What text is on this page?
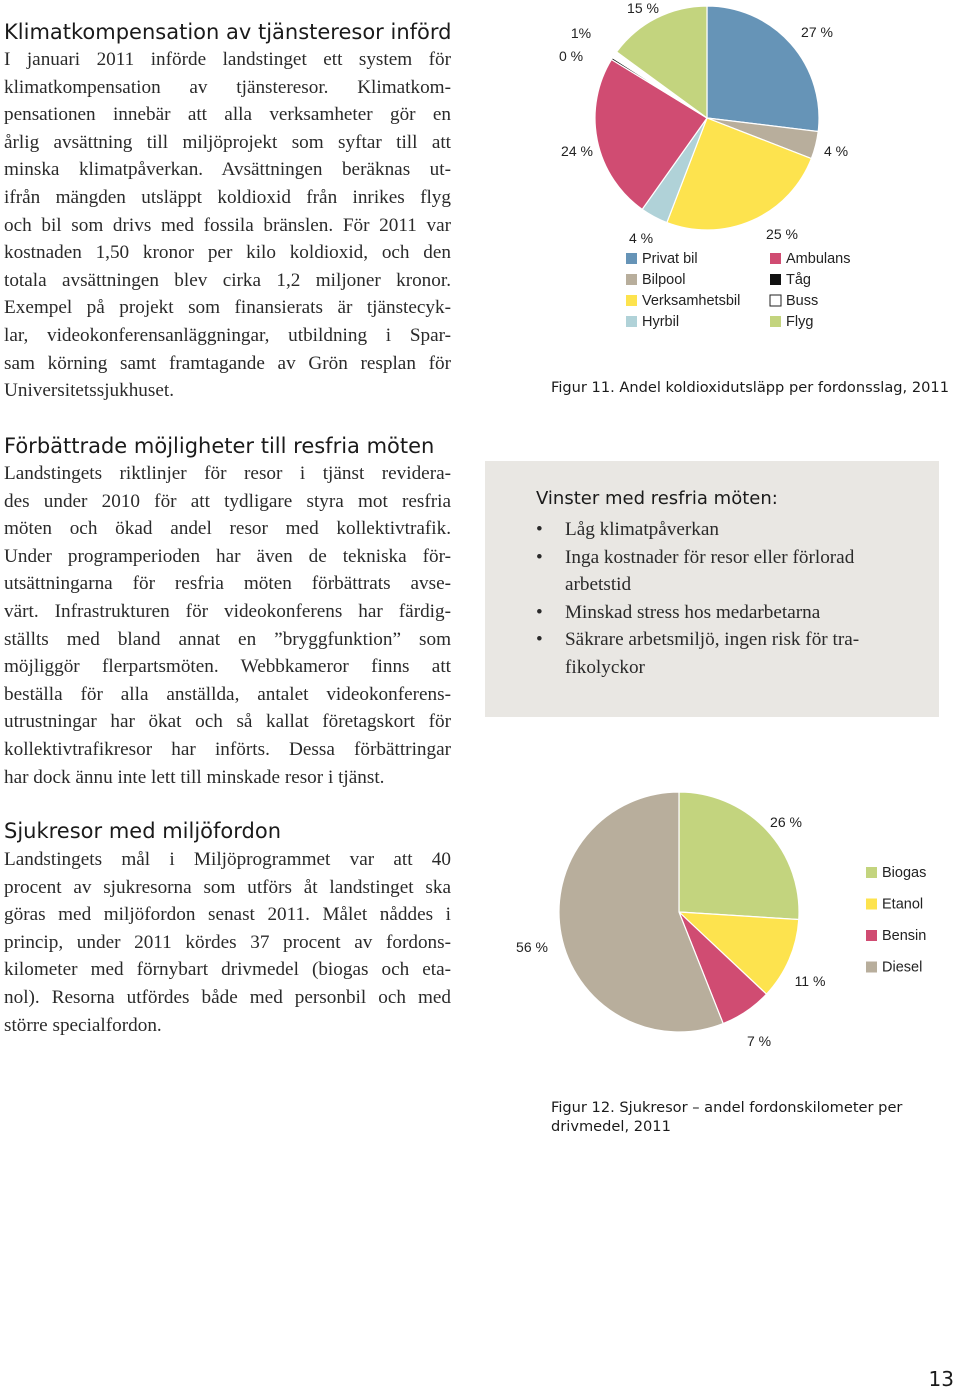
Klimatkompensation av tjänsteresor införd
I januari 2011 införde landstinget ett system för
klimatkompensation av tjänsteresor. Klimatkom-
pensationen innebär att alla verksamheter gör en
årlig avsättning till miljöprojekt som syftar till att
minska klimatpåverkan. Avsättningen beräknas ut-
ifrån mängden utsläppt koldioxid från inrikes flyg
och bil som drivs med fossila bränslen. För 2011 var
kostnaden 1,50 kronor per kilo koldioxid, och den
totala avsättningen blev cirka 1,2 miljoner kronor.
Exempel på projekt som finansierats är tjänstecyk-
lar, videokonferensanläggningar, utbildning i Spar-
sam körning samt framtagande av Grön resplan för
Universitetssjukhuset.
Förbättrade möjligheter till resfria möten
Landstingets riktlinjer för resor i tjänst revidera-
des under 2010 för att tydligare styra mot resfria
möten och ökad andel resor med kollektivtrafik.
Under programperioden har även de tekniska för-
utsättningarna för resfria möten förbättrats avse-
värt. Infrastrukturen för videokonferens har färdig-
ställts med bland annat en ”bryggfunktion” som
möjliggör flerpartsmöten. Webbkameror finns att
beställa för alla anställda, antalet videokonferens-
utrustningar har ökat och så kallat företagskort för
kollektivtrafikresor har införts. Dessa förbättringar
har dock ännu inte lett till minskade resor i tjänst.
Sjukresor med miljöfordon
Landstingets mål i Miljöprogrammet var att 40
procent av sjukresorna som utförs åt landstinget ska
göras med miljöfordon senast 2011. Målet nåddes i
princip, under 2011 kördes 37 procent av fordons-
kilometer med förnybart drivmedel (biogas och eta-
nol). Resorna utfördes både med personbil och med
större specialfordon.
27 %
4 %
25 %
4 %
24 %
0 %
1%
15 %
Privat bil
Bilpool
Verksamhetsbil
Hyrbil
Ambulans
Tåg
Buss
Flyg
Figur 11. Andel koldioxidutsläpp per fordonsslag, 2011
Vinster med resfria möten:
• Låg klimatpåverkan
• Inga kostnader för resor eller förlorad
arbetstid
• Minskad stress hos medarbetarna
• Säkrare arbetsmiljö, ingen risk för tra-
fikolyckor
26 %
11 %
7 %
56 %
Biogas
Etanol
Bensin
Diesel
Figur 12. Sjukresor – andel fordonskilometer per
drivmedel, 2011
13
